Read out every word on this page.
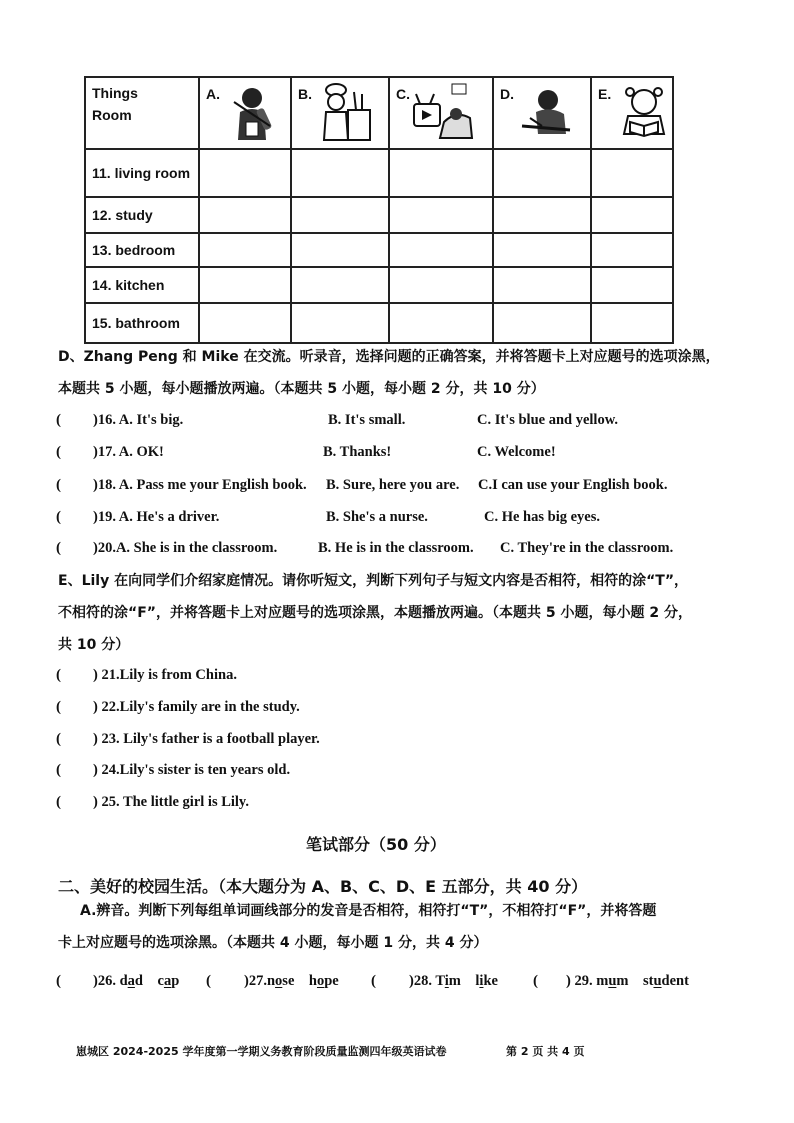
Things
Room	A.	B.	C.	D.	E.

11. living room					
12. study					
13. bedroom					
14. kitchen					
15. bathroom					
D、Zhang Peng 和 Mike 在交流。听录音，选择问题的正确答案，并将答题卡上对应题号的选项涂黑，
本题共 5 小题，每小题播放两遍。（本题共 5 小题，每小题 2 分，共 10 分）
( )16. A. It's big.	B. It's small.	C. It's blue and yellow.
( )17. A. OK!	B. Thanks!	C. Welcome!
( )18. A. Pass me your English book. B. Sure, here you are. C.I can use your English book.
( )19. A. He's a driver.	B. She's a nurse.	C. He has big eyes.
( )20.A. She is in the classroom.	B. He is in the classroom. C. They're in the classroom.
E、Lily 在向同学们介绍家庭情况。请你听短文，判断下列句子与短文内容是否相符，相符的涂“T”，
不相符的涂“F”，并将答题卡上对应题号的选项涂黑，本题播放两遍。（本题共 5 小题，每小题 2 分，
共 10 分）
( ) 21.Lily is from China.
( ) 22.Lily's family are in the study.
( ) 23. Lily's father is a football player.
( ) 24.Lily's sister is ten years old.
( ) 25. The little girl is Lily.
笔试部分（50 分）
二、美好的校园生活。（本大题分为 A、B、C、D、E 五部分，共 40 分）
A.辨音。判断下列每组单词画线部分的发音是否相符，相符打“T”，不相符打“F”，并将答题
卡上对应题号的选项涂黑。（本题共 4 小题，每小题 1 分，共 4 分）
( )26. dad cap ( )27.nose hope ( )28. Tim like ( ) 29. mum student
崽城区 2024-2025 学年度第一学期义务教育阶段质量监测四年级英语试卷	第 2 页 共 4 页
